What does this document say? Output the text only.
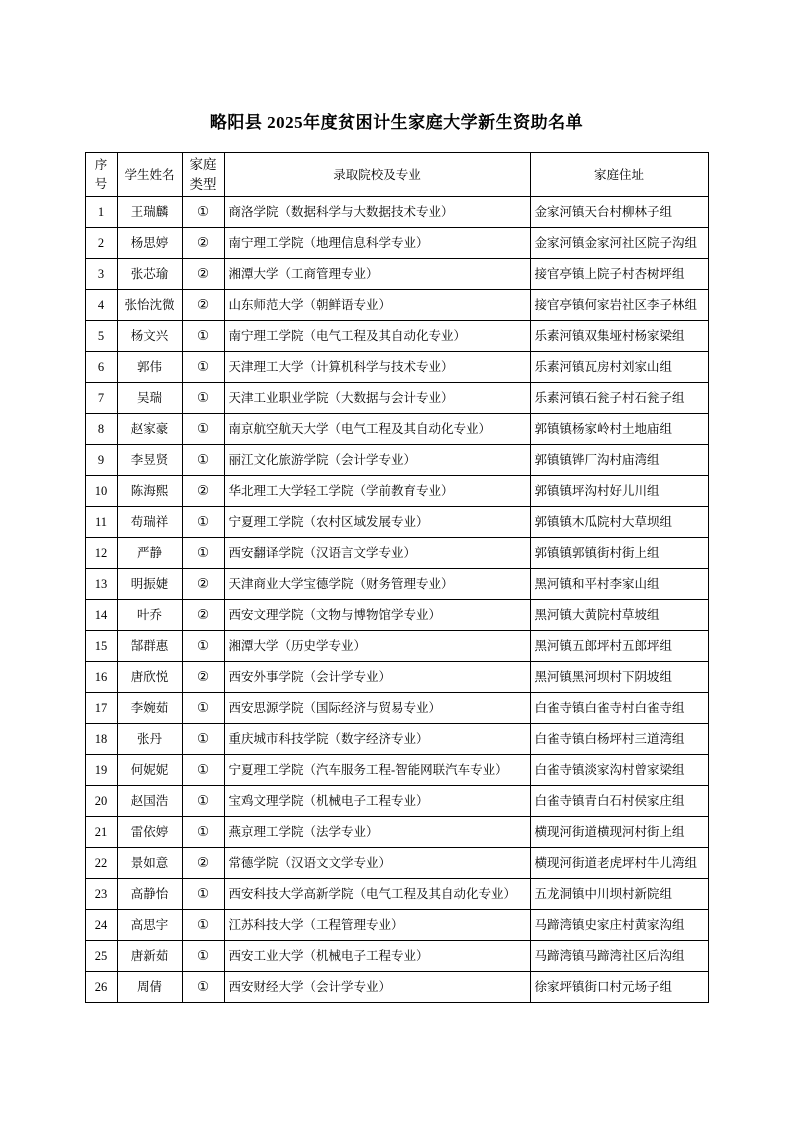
略阳县 2025年度贫困计生家庭大学新生资助名单
序号	学生姓名	家庭类型	录取院校及专业	家庭住址
1	王瑞麟	①	商洛学院（数据科学与大数据技术专业）	金家河镇天台村柳林子组
2	杨思婷	②	南宁理工学院（地理信息科学专业）	金家河镇金家河社区院子沟组
3	张芯瑜	②	湘潭大学（工商管理专业）	接官亭镇上院子村杏树坪组
4	张怡沈微	②	山东师范大学（朝鲜语专业）	接官亭镇何家岩社区李子林组
5	杨文兴	①	南宁理工学院（电气工程及其自动化专业）	乐素河镇双集垭村杨家梁组
6	郭伟	①	天津理工大学（计算机科学与技术专业）	乐素河镇瓦房村刘家山组
7	吴瑞	①	天津工业职业学院（大数据与会计专业）	乐素河镇石瓮子村石瓮子组
8	赵家豪	①	南京航空航天大学（电气工程及其自动化专业）	郭镇镇杨家岭村土地庙组
9	李昱贤	①	丽江文化旅游学院（会计学专业）	郭镇镇铧厂沟村庙湾组
10	陈海熙	②	华北理工大学轻工学院（学前教育专业）	郭镇镇坪沟村好儿川组
11	苟瑞祥	①	宁夏理工学院（农村区域发展专业）	郭镇镇木瓜院村大草坝组
12	严静	①	西安翻译学院（汉语言文学专业）	郭镇镇郭镇街村街上组
13	明振婕	②	天津商业大学宝德学院（财务管理专业）	黑河镇和平村李家山组
14	叶乔	②	西安文理学院（文物与博物馆学专业）	黑河镇大黄院村草坡组
15	郜群惠	①	湘潭大学（历史学专业）	黑河镇五郎坪村五郎坪组
16	唐欣悦	②	西安外事学院（会计学专业）	黑河镇黑河坝村下阴坡组
17	李婉茹	①	西安思源学院（国际经济与贸易专业）	白雀寺镇白雀寺村白雀寺组
18	张丹	①	重庆城市科技学院（数字经济专业）	白雀寺镇白杨坪村三道湾组
19	何妮妮	①	宁夏理工学院（汽车服务工程-智能网联汽车专业）	白雀寺镇淡家沟村曾家梁组
20	赵国浩	①	宝鸡文理学院（机械电子工程专业）	白雀寺镇青白石村侯家庄组
21	雷依婷	①	燕京理工学院（法学专业）	横现河街道横现河村街上组
22	景如意	②	常德学院（汉语文文学专业）	横现河街道老虎坪村牛儿湾组
23	高静怡	①	西安科技大学高新学院（电气工程及其自动化专业）	五龙洞镇中川坝村新院组
24	高思宇	①	江苏科技大学（工程管理专业）	马蹄湾镇史家庄村黄家沟组
25	唐新茹	①	西安工业大学（机械电子工程专业）	马蹄湾镇马蹄湾社区后沟组
26	周倩	①	西安财经大学（会计学专业）	徐家坪镇街口村元场子组
